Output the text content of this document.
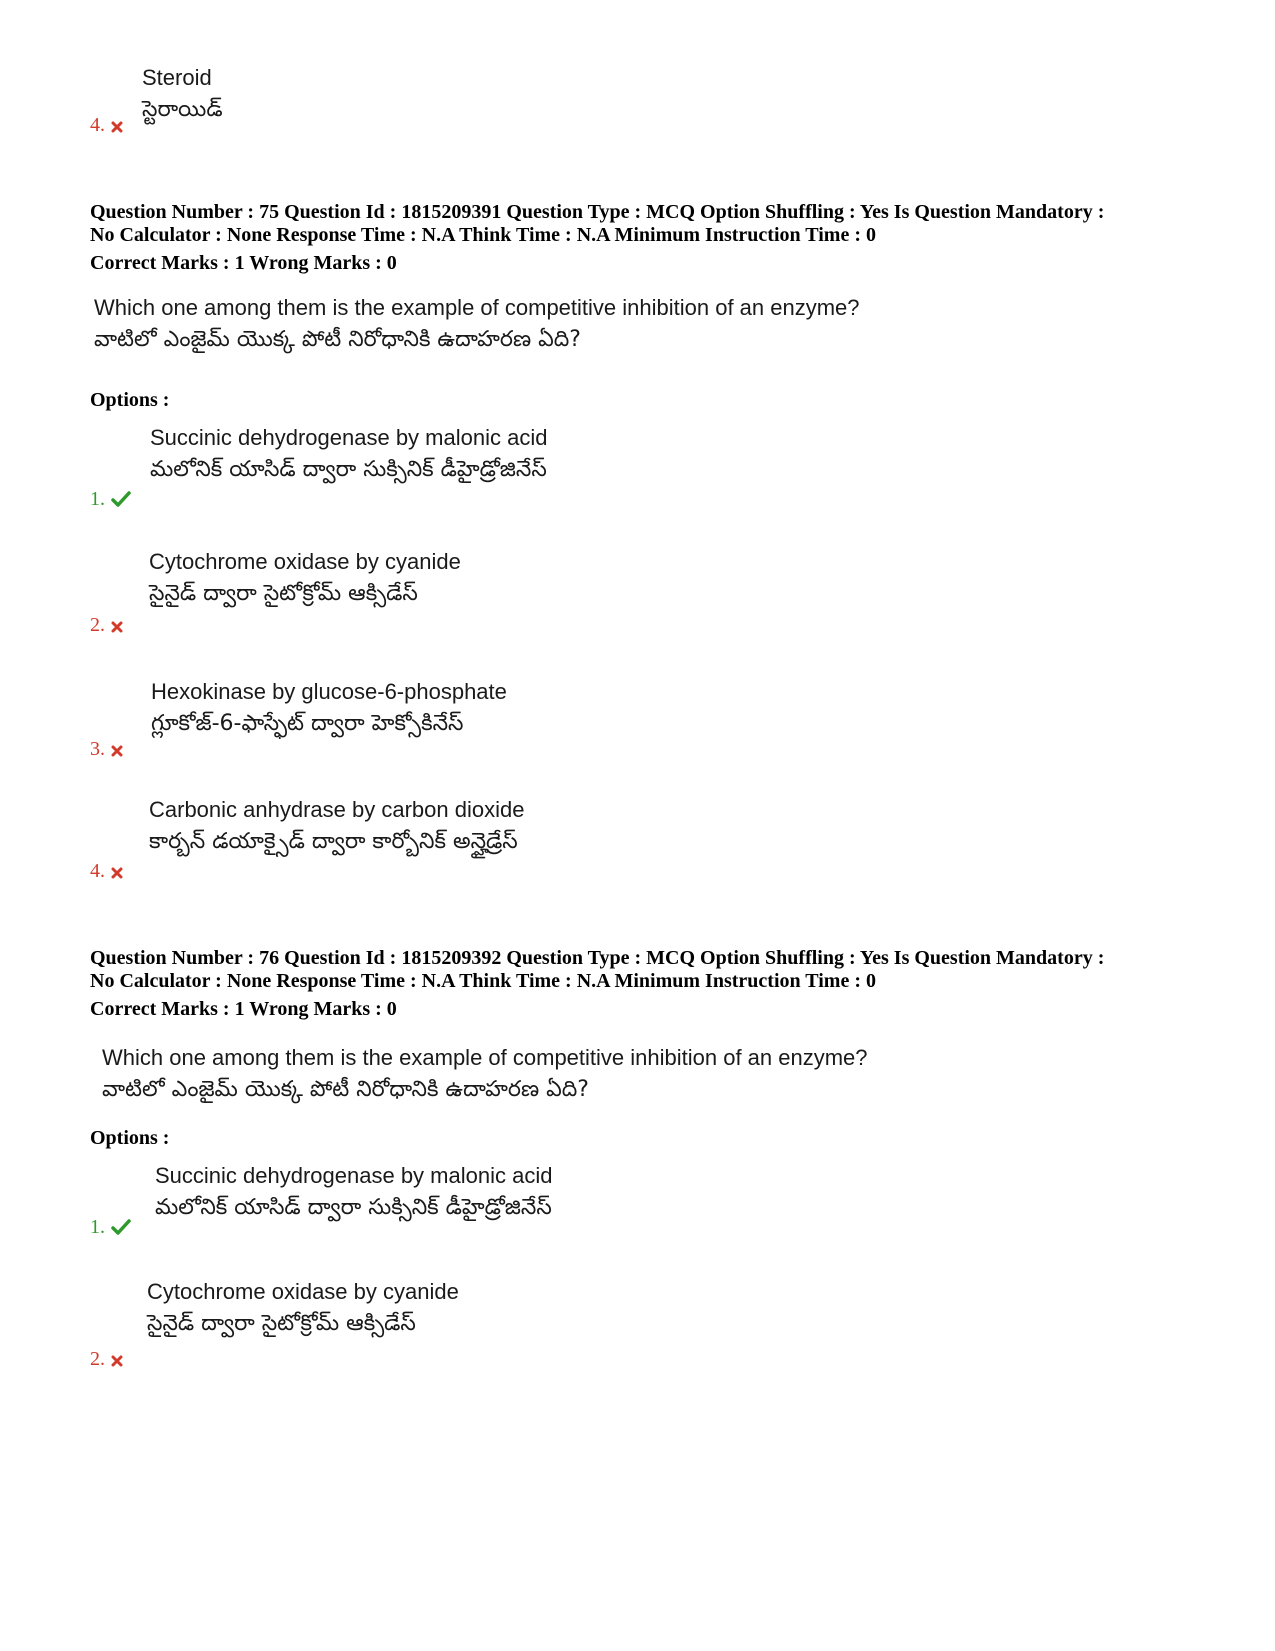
Steroid
స్టెరాయిడ్
4.
Question Number : 75 Question Id : 1815209391 Question Type : MCQ Option Shuffling : Yes Is Question Mandatory :
No Calculator : None Response Time : N.A Think Time : N.A Minimum Instruction Time : 0
Correct Marks : 1 Wrong Marks : 0
Which one among them is the example of competitive inhibition of an enzyme?
వాటిలో ఎంజైమ్ యొక్క పోటీ నిరోధానికి ఉదాహరణ ఏది?
Options :
Succinic dehydrogenase by malonic acid
మలోనిక్ యాసిడ్ ద్వారా సుక్సినిక్ డీహైడ్రోజినేస్
1.
Cytochrome oxidase by cyanide
సైనైడ్ ద్వారా సైటోక్రోమ్ ఆక్సిడేస్
2.
Hexokinase by glucose-6-phosphate
గ్లూకోజ్-6-ఫాస్ఫేట్ ద్వారా హెక్సోకినేస్
3.
Carbonic anhydrase by carbon dioxide
కార్బన్ డయాక్సైడ్ ద్వారా కార్బోనిక్ అన్హైడ్రేస్
4.
Question Number : 76 Question Id : 1815209392 Question Type : MCQ Option Shuffling : Yes Is Question Mandatory :
No Calculator : None Response Time : N.A Think Time : N.A Minimum Instruction Time : 0
Correct Marks : 1 Wrong Marks : 0
Which one among them is the example of competitive inhibition of an enzyme?
వాటిలో ఎంజైమ్ యొక్క పోటీ నిరోధానికి ఉదాహరణ ఏది?
Options :
Succinic dehydrogenase by malonic acid
మలోనిక్ యాసిడ్ ద్వారా సుక్సినిక్ డీహైడ్రోజినేస్
1.
Cytochrome oxidase by cyanide
సైనైడ్ ద్వారా సైటోక్రోమ్ ఆక్సిడేస్
2.
